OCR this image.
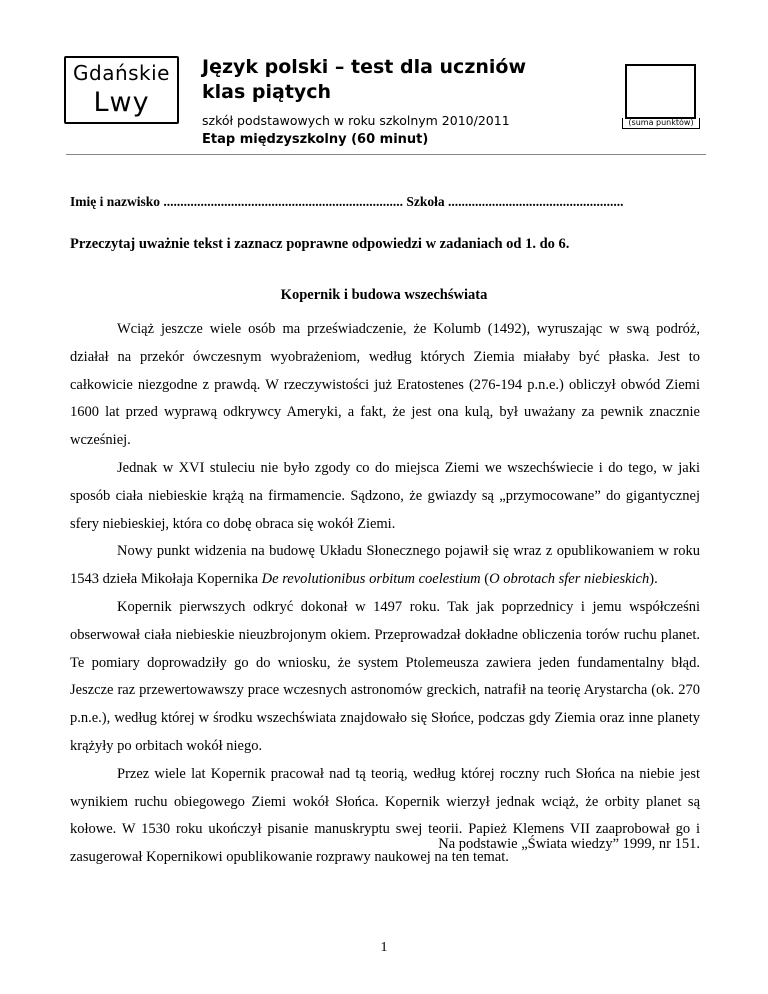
Gdańskie
Lwy
Język polski – test dla uczniów klas piątych
szkół podstawowych w roku szkolnym 2010/2011
Etap międzyszkolny (60 minut)
(suma punktów)
Imię i nazwisko ....................................................................... Szkoła ....................................................
Przeczytaj uważnie tekst i zaznacz poprawne odpowiedzi w zadaniach od 1. do 6.
Kopernik i budowa wszechświata

Wciąż jeszcze wiele osób ma przeświadczenie, że Kolumb (1492), wyruszając w swą podróż, działał na przekór ówczesnym wyobrażeniom, według których Ziemia miałaby być płaska. Jest to całkowicie niezgodne z prawdą. W rzeczywistości już Eratostenes (276-194 p.n.e.) obliczył obwód Ziemi 1600 lat przed wyprawą odkrywcy Ameryki, a fakt, że jest ona kulą, był uważany za pewnik znacznie wcześniej.

Jednak w XVI stuleciu nie było zgody co do miejsca Ziemi we wszechświecie i do tego, w jaki sposób ciała niebieskie krążą na firmamencie. Sądzono, że gwiazdy są „przymocowane” do gigantycznej sfery niebieskiej, która co dobę obraca się wokół Ziemi.

Nowy punkt widzenia na budowę Układu Słonecznego pojawił się wraz z opublikowaniem w roku 1543 dzieła Mikołaja Kopernika De revolutionibus orbitum coelestium (O obrotach sfer niebieskich).

Kopernik pierwszych odkryć dokonał w 1497 roku. Tak jak poprzednicy i jemu współcześni obserwował ciała niebieskie nieuzbrojonym okiem. Przeprowadzał dokładne obliczenia torów ruchu planet. Te pomiary doprowadziły go do wniosku, że system Ptolemeusza zawiera jeden fundamentalny błąd. Jeszcze raz przewertowawszy prace wczesnych astronomów greckich, natrafił na teorię Arystarcha (ok. 270 p.n.e.), według której w środku wszechświata znajdowało się Słońce, podczas gdy Ziemia oraz inne planety krążyły po orbitach wokół niego.

Przez wiele lat Kopernik pracował nad tą teorią, według której roczny ruch Słońca na niebie jest wynikiem ruchu obiegowego Ziemi wokół Słońca. Kopernik wierzył jednak wciąż, że orbity planet są kołowe. W 1530 roku ukończył pisanie manuskryptu swej teorii. Papież Klemens VII zaaprobował go i zasugerował Kopernikowi opublikowanie rozprawy naukowej na ten temat.

Na podstawie „Świata wiedzy” 1999, nr 151.
1
